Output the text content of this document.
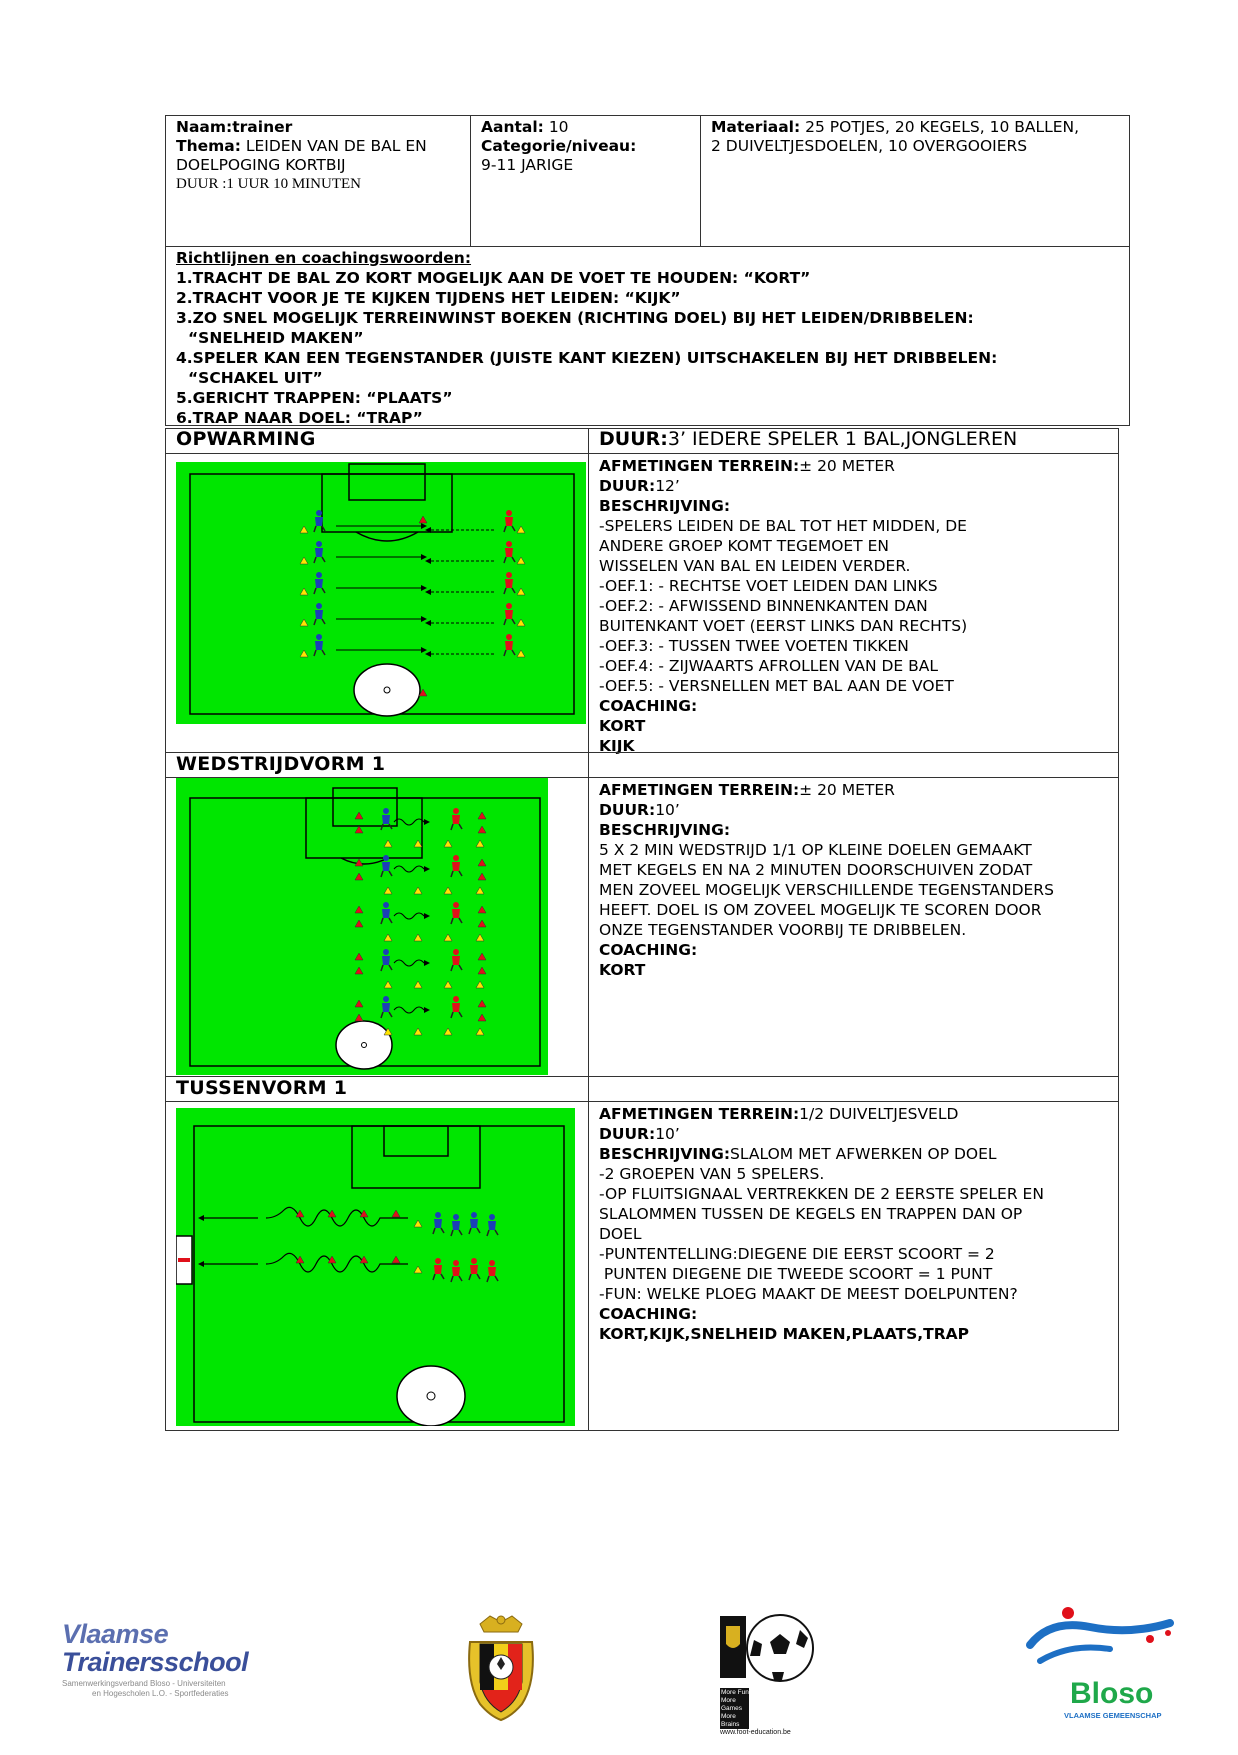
Naam:trainer
Thema: LEIDEN VAN DE BAL EN
DOELPOGING KORTBIJ
DUUR :1 UUR 10 MINUTEN
Aantal: 10
Categorie/niveau:
9-11 JARIGE
Materiaal: 25 POTJES, 20 KEGELS, 10 BALLEN,
2 DUIVELTJESDOELEN, 10 OVERGOOIERS
Richtlijnen en coachingswoorden:
1.TRACHT DE BAL ZO KORT MOGELIJK AAN DE VOET TE HOUDEN: “KORT”
2.TRACHT VOOR JE TE KIJKEN TIJDENS HET LEIDEN: “KIJK”
3.ZO SNEL MOGELIJK TERREINWINST BOEKEN (RICHTING DOEL) BIJ HET LEIDEN/DRIBBELEN:
“SNELHEID MAKEN”
4.SPELER KAN EEN TEGENSTANDER (JUISTE KANT KIEZEN) UITSCHAKELEN BIJ HET DRIBBELEN:
“SCHAKEL UIT”
5.GERICHT TRAPPEN: “PLAATS”
6.TRAP NAAR DOEL: “TRAP”
OPWARMING	DUUR:3’ IEDERE SPELER 1 BAL,JONGLEREN
AFMETINGEN TERREIN:± 20 METER
DUUR:12’
BESCHRIJVING:
-SPELERS LEIDEN DE BAL TOT HET MIDDEN, DE
ANDERE GROEP KOMT TEGEMOET EN
WISSELEN VAN BAL EN LEIDEN VERDER.
-OEF.1: - RECHTSE VOET LEIDEN DAN LINKS
-OEF.2: - AFWISSEND BINNENKANTEN DAN
BUITENKANT VOET (EERST LINKS DAN RECHTS)
-OEF.3: - TUSSEN TWEE VOETEN TIKKEN
-OEF.4: - ZIJWAARTS AFROLLEN VAN DE BAL
-OEF.5: - VERSNELLEN MET BAL AAN DE VOET
COACHING:
KORT
KIJK
WEDSTRIJDVORM 1
AFMETINGEN TERREIN:± 20 METER
DUUR:10’
BESCHRIJVING:
5 X 2 MIN WEDSTRIJD 1/1 OP KLEINE DOELEN GEMAAKT
MET KEGELS EN NA 2 MINUTEN DOORSCHUIVEN ZODAT
MEN ZOVEEL MOGELIJK VERSCHILLENDE TEGENSTANDERS
HEEFT. DOEL IS OM ZOVEEL MOGELIJK TE SCOREN DOOR
ONZE TEGENSTANDER VOORBIJ TE DRIBBELEN.
COACHING:
KORT
TUSSENVORM 1
AFMETINGEN TERREIN:1/2 DUIVELTJESVELD
DUUR:10’
BESCHRIJVING:SLALOM MET AFWERKEN OP DOEL
-2 GROEPEN VAN 5 SPELERS.
-OP FLUITSIGNAAL VERTREKKEN DE 2 EERSTE SPELER EN
SLALOMMEN TUSSEN DE KEGELS EN TRAPPEN DAN OP
DOEL
-PUNTENTELLING:DIEGENE DIE EERST SCOORT = 2
PUNTEN DIEGENE DIE TWEEDE SCOORT = 1 PUNT
-FUN: WELKE PLOEG MAAKT DE MEEST DOELPUNTEN?
COACHING:
KORT,KIJK,SNELHEID MAKEN,PLAATS,TRAP
Vlaamse
Trainersschool
Samenwerkingsverband Bloso - Universiteiten
en Hogescholen L.O. - Sportfederaties	More Fun
More Games
More Brains
www.foot-education.be
Bloso
VLAAMSE GEMEENSCHAP
